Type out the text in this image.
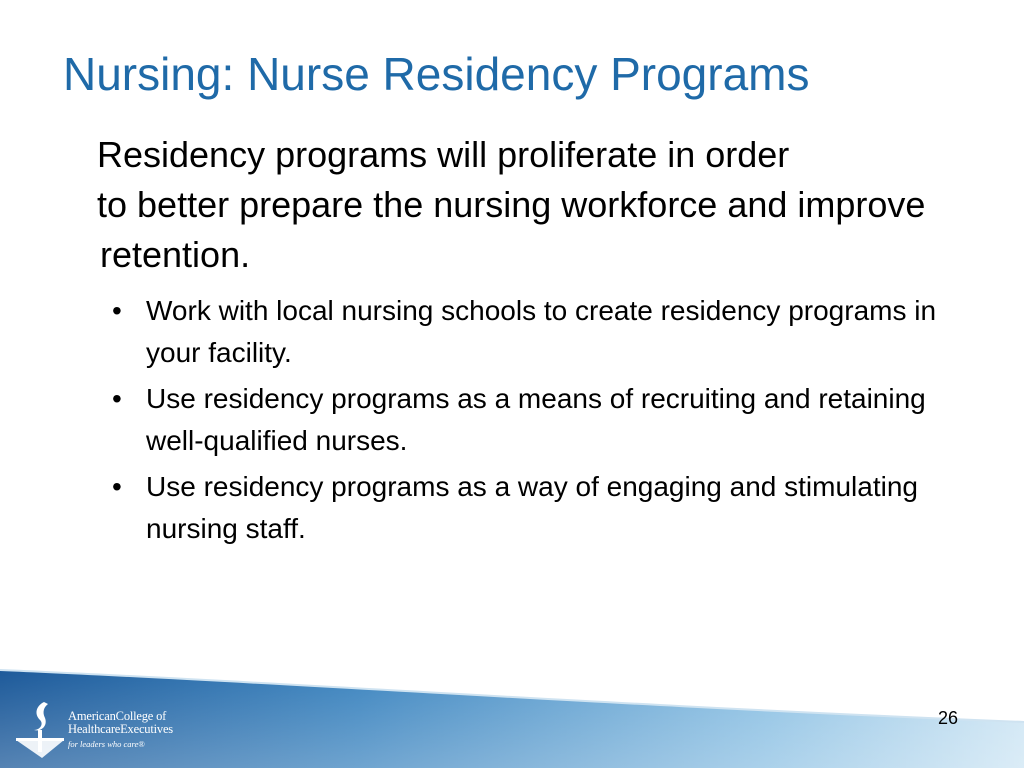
Nursing: Nurse Residency Programs

Residency programs will proliferate in order
to better prepare the nursing workforce and improve retention.

• Work with local nursing schools to create residency programs in your facility.
• Use residency programs as a means of recruiting and retaining well-qualified nurses.
• Use residency programs as a way of engaging and stimulating nursing staff.
AmericanCollege of
HealthcareExecutives
for leaders who care®
26
